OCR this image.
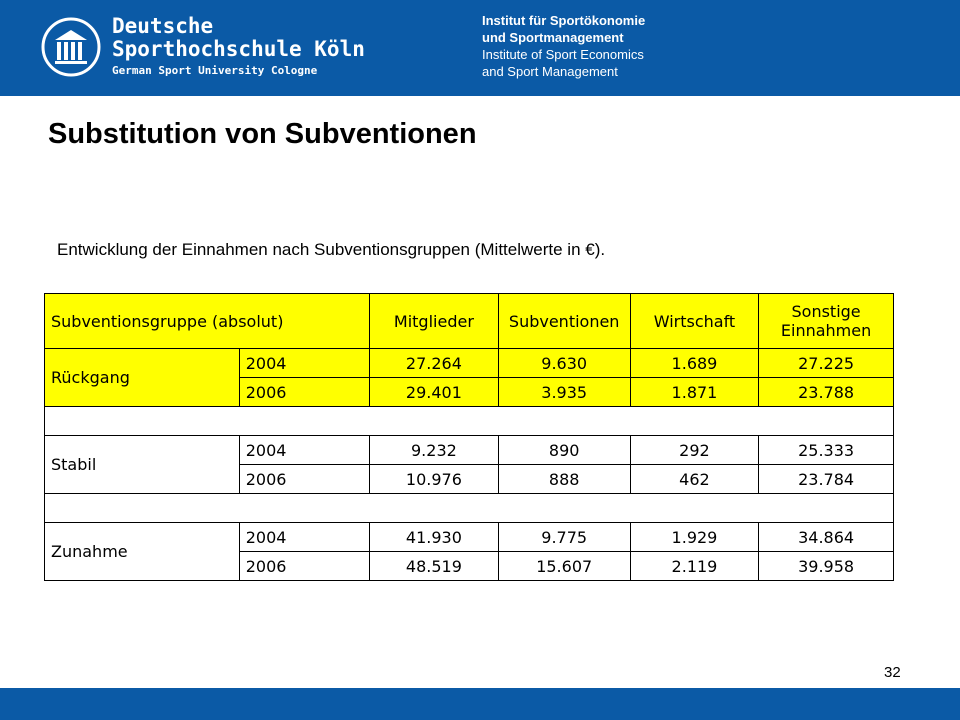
Deutsche
Sporthochschule Köln
German Sport University Cologne
Institut für Sportökonomie
und Sportmanagement
Institute of Sport Economics
and Sport Management
Substitution von Subventionen
Entwicklung der Einnahmen nach Subventionsgruppen (Mittelwerte in €).
Subventionsgruppe (absolut)		Mitglieder	Subventionen	Wirtschaft	Sonstige Einnahmen
Rückgang	2004	27.264	9.630	1.689	27.225
	2006	29.401	3.935	1.871	23.788

Stabil	2004	9.232	890	292	25.333
	2006	10.976	888	462	23.784

Zunahme	2004	41.930	9.775	1.929	34.864
	2006	48.519	15.607	2.119	39.958
32
